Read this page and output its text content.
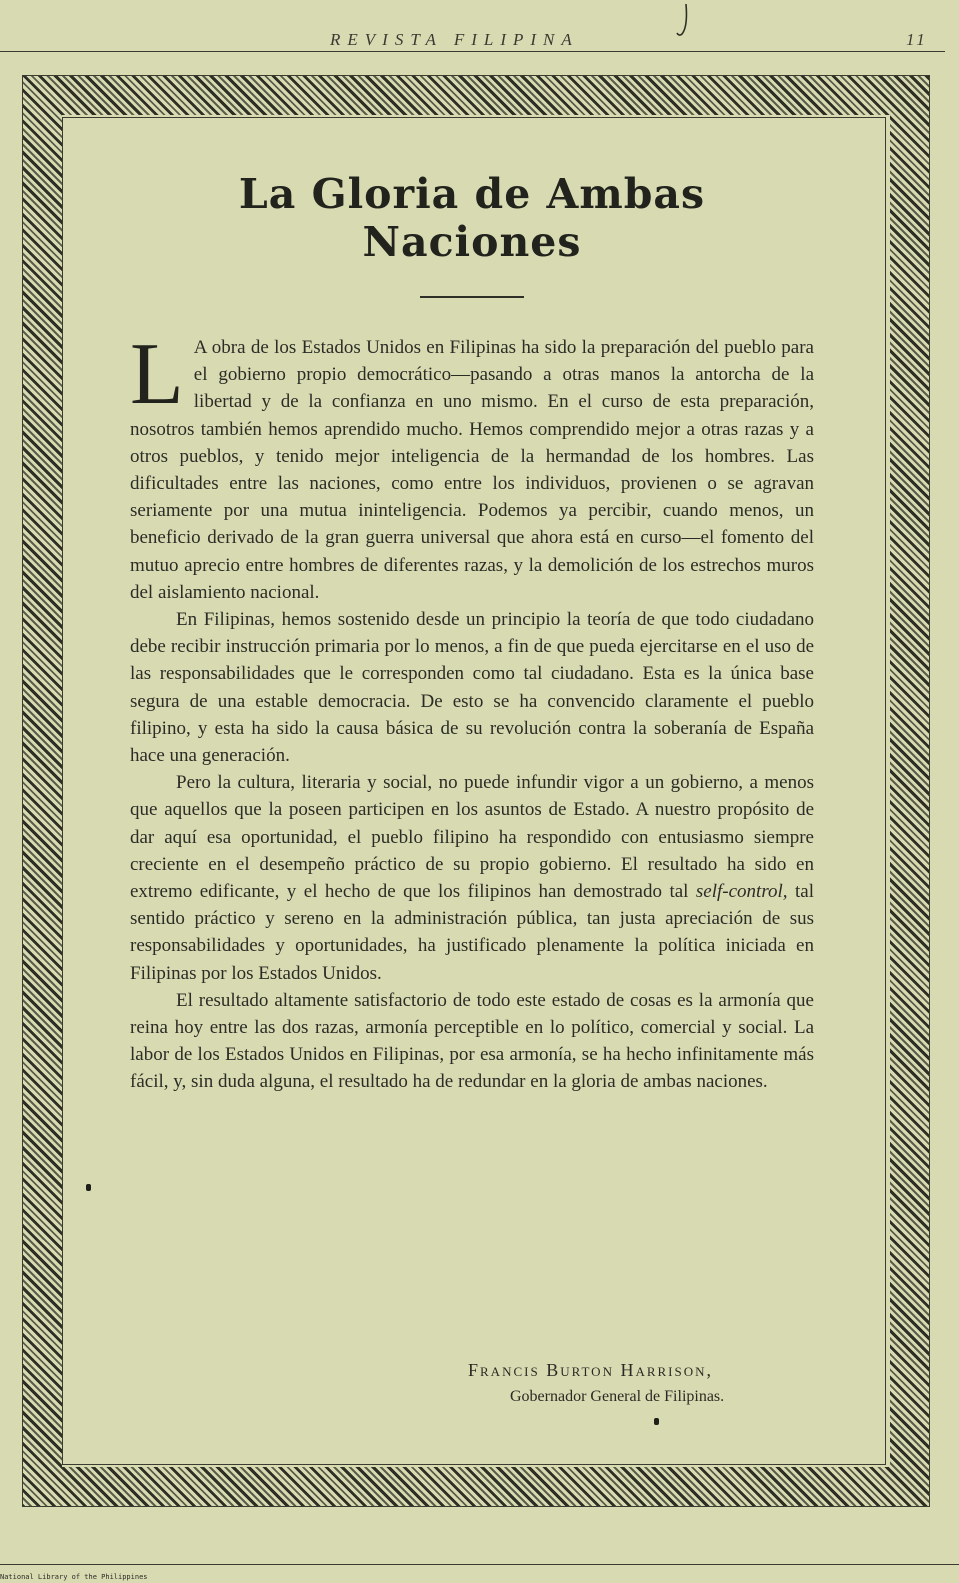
REVISTA FILIPINA	11
La Gloria de Ambas Naciones

L A obra de los Estados Unidos en Filipinas ha sido la preparación del pueblo para el gobierno propio democrático—pasando a otras manos la antorcha de la libertad y de la confianza en uno mismo. En el curso de esta preparación, nosotros también hemos aprendido mucho. Hemos comprendido mejor a otras razas y a otros pueblos, y tenido mejor inteligencia de la hermandad de los hombres. Las dificultades entre las naciones, como entre los individuos, provienen o se agravan seriamente por una mutua ininteligencia. Podemos ya percibir, cuando menos, un beneficio derivado de la gran guerra universal que ahora está en curso—el fomento del mutuo aprecio entre hombres de diferentes razas, y la demolición de los estrechos muros del aislamiento nacional.

En Filipinas, hemos sostenido desde un principio la teoría de que todo ciudadano debe recibir instrucción primaria por lo menos, a fin de que pueda ejercitarse en el uso de las responsabilidades que le corresponden como tal ciudadano. Esta es la única base segura de una estable democracia. De esto se ha convencido claramente el pueblo filipino, y esta ha sido la causa básica de su revolución contra la soberanía de España hace una generación.

Pero la cultura, literaria y social, no puede infundir vigor a un gobierno, a menos que aquellos que la poseen participen en los asuntos de Estado. A nuestro propósito de dar aquí esa oportunidad, el pueblo filipino ha respondido con entusiasmo siempre creciente en el desempeño práctico de su propio gobierno. El resultado ha sido en extremo edificante, y el hecho de que los filipinos han demostrado tal self-control, tal sentido práctico y sereno en la administración pública, tan justa apreciación de sus responsabilidades y oportunidades, ha justificado plenamente la política iniciada en Filipinas por los Estados Unidos.

El resultado altamente satisfactorio de todo este estado de cosas es la armonía que reina hoy entre las dos razas, armonía perceptible en lo político, comercial y social. La labor de los Estados Unidos en Filipinas, por esa armonía, se ha hecho infinitamente más fácil, y, sin duda alguna, el resultado ha de redundar en la gloria de ambas naciones.

Francis Burton Harrison,
Gobernador General de Filipinas.
National Library of the Philippines
